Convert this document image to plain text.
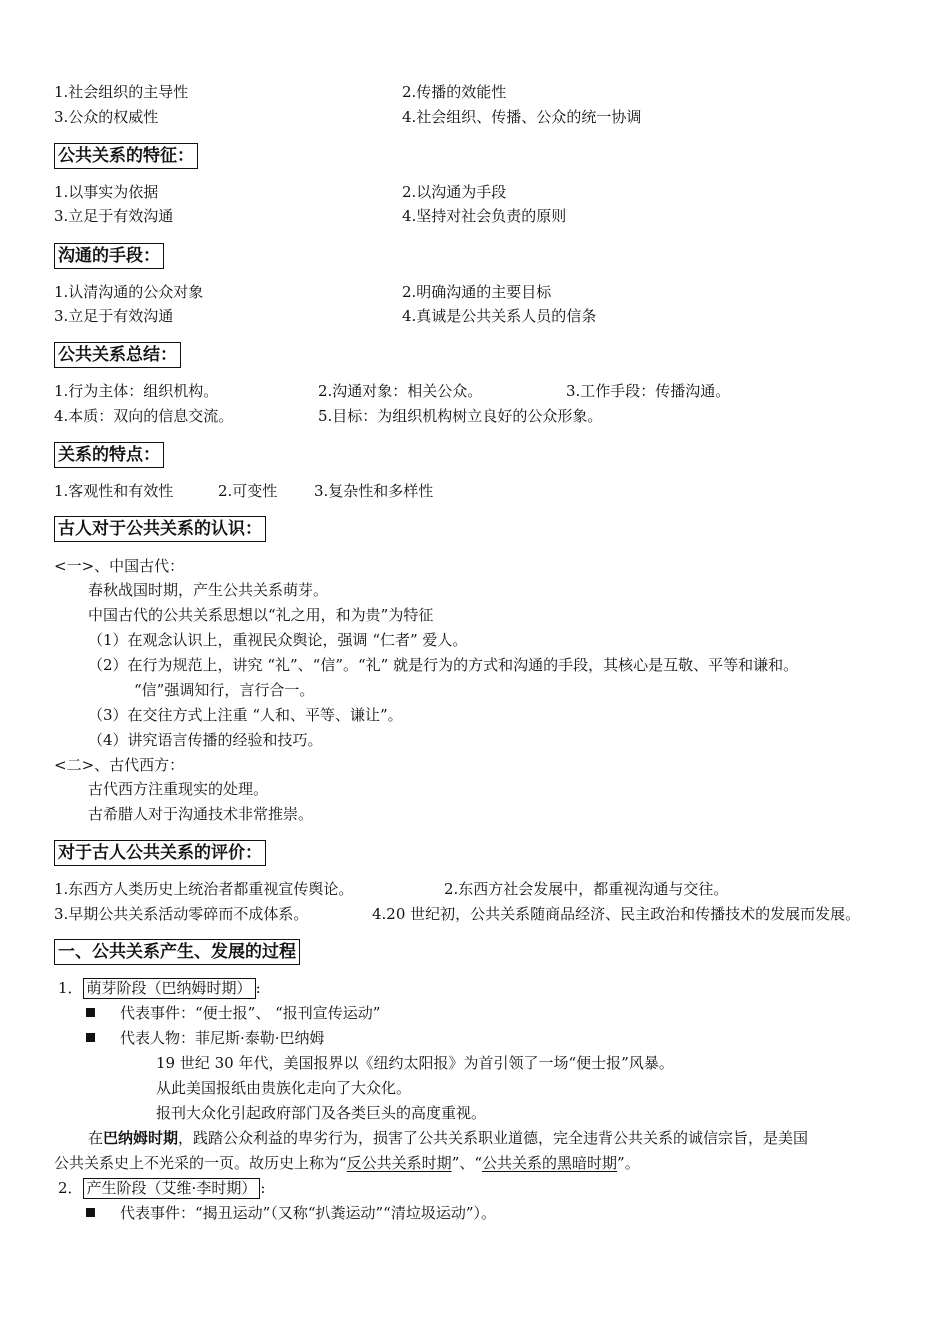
1.社会组织的主导性	2.传播的效能性
3.公众的权威性	4.社会组织、传播、公众的统一协调
公共关系的特征：
1.以事实为依据	2.以沟通为手段
3.立足于有效沟通	4.坚持对社会负责的原则
沟通的手段：
1.认清沟通的公众对象	2.明确沟通的主要目标
3.立足于有效沟通	4.真诚是公共关系人员的信条
公共关系总结：
1.行为主体：组织机构。	2.沟通对象：相关公众。	3.工作手段：传播沟通。
4.本质：双向的信息交流。	5.目标：为组织机构树立良好的公众形象。
关系的特点：
1.客观性和有效性	2.可变性 3.复杂性和多样性
古人对于公共关系的认识：
<一>、中国古代：
春秋战国时期，产生公共关系萌芽。
中国古代的公共关系思想以“礼之用，和为贵”为特征
（1）在观念认识上，重视民众舆论，强调 “仁者” 爱人。
（2）在行为规范上，讲究 “礼”、“信”。“礼” 就是行为的方式和沟通的手段，其核心是互敬、平等和谦和。
“信”强调知行，言行合一。
（3）在交往方式上注重 “人和、平等、谦让”。
（4）讲究语言传播的经验和技巧。
<二>、古代西方：
古代西方注重现实的处理。
古希腊人对于沟通技术非常推崇。
对于古人公共关系的评价：
1.东西方人类历史上统治者都重视宣传舆论。	2.东西方社会发展中，都重视沟通与交往。
3.早期公共关系活动零碎而不成体系。	4.20 世纪初，公共关系随商品经济、民主政治和传播技术的发展而发展。
一、公共关系产生、发展的过程
1． 萌芽阶段（巴纳姆时期） :
代表事件：“便士报”、 “报刊宣传运动”
代表人物：菲尼斯·泰勒·巴纳姆
19 世纪 30 年代，美国报界以《纽约太阳报》为首引领了一场“便士报”风暴。
从此美国报纸由贵族化走向了大众化。
报刊大众化引起政府部门及各类巨头的高度重视。
在巴纳姆时期，践踏公众利益的卑劣行为，损害了公共关系职业道德，完全违背公共关系的诚信宗旨，是美国
公共关系史上不光采的一页。故历史上称为“反公共关系时期”、“公共关系的黑暗时期”。
2． 产生阶段（艾维·李时期） :
代表事件：“揭丑运动”（又称“扒粪运动”“清垃圾运动”）。
